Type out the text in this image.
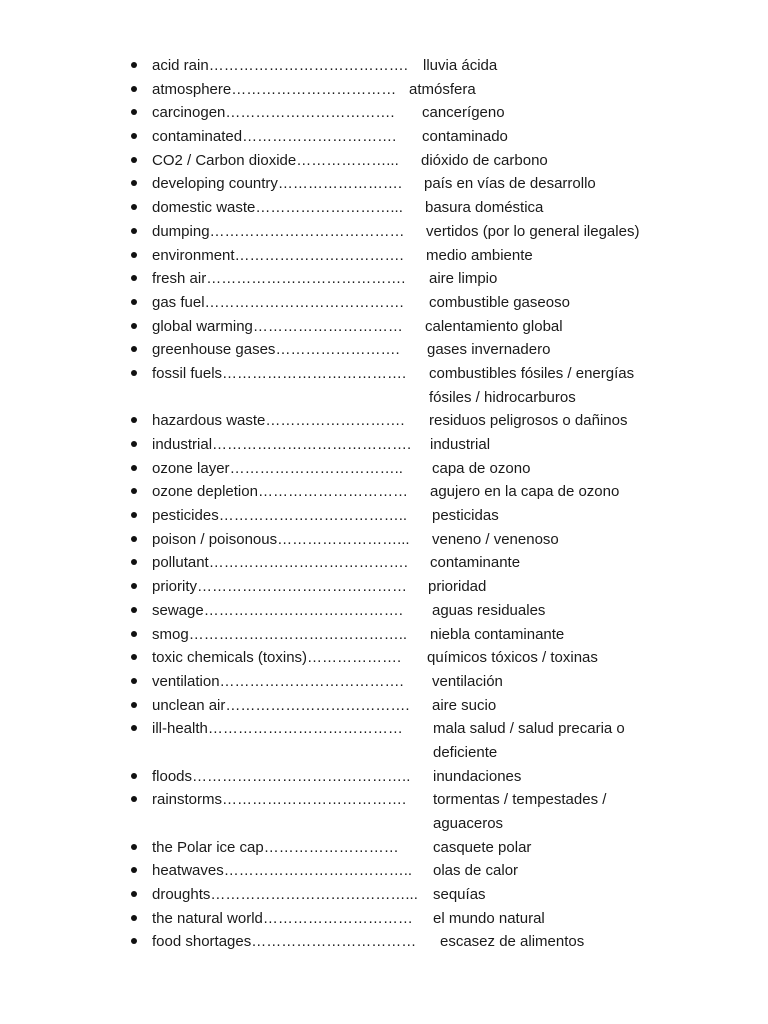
acid rain…………………………………. lluvia ácida
atmosphere…………………………… atmósfera
carcinogen……………………………. cancerígeno
contaminated…………………………. contaminado
CO2 / Carbon dioxide………………... dióxido de carbono
developing country……………………. país en vías de desarrollo
domestic waste………………………... basura doméstica
dumping………………………………… vertidos (por lo general ilegales)
environment……………………………. medio ambiente
fresh air…………………………………. aire limpio
gas fuel…………………………………. combustible gaseoso
global warming………………………… calentamiento global
greenhouse gases……………………. gases invernadero
fossil fuels………………………………. combustibles fósiles / energías fósiles / hidrocarburos
hazardous waste………………………. residuos peligrosos o dañinos
industrial…………………………………. industrial
ozone layer…………………………….. capa de ozono
ozone depletion………………………… agujero en la capa de ozono
pesticides……………………………….. pesticidas
poison / poisonous……………………... veneno / venenoso
pollutant…………………………………. contaminante
priority…………………………………… prioridad
sewage…………………………………. aguas residuales
smog…………………………………….. niebla contaminante
toxic chemicals (toxins)………………. químicos tóxicos / toxinas
ventilation………………………………. ventilación
unclean air………………………………. aire sucio
ill-health………………………………… mala salud / salud precaria o deficiente
floods…………………………………….. inundaciones
rainstorms………………………………. tormentas / tempestades / aguaceros
the Polar ice cap……………………… casquete polar
heatwaves……………………………….. olas de calor
droughts…………………………………... sequías
the natural world………………………… el mundo natural
food shortages…………………………… escasez de alimentos
